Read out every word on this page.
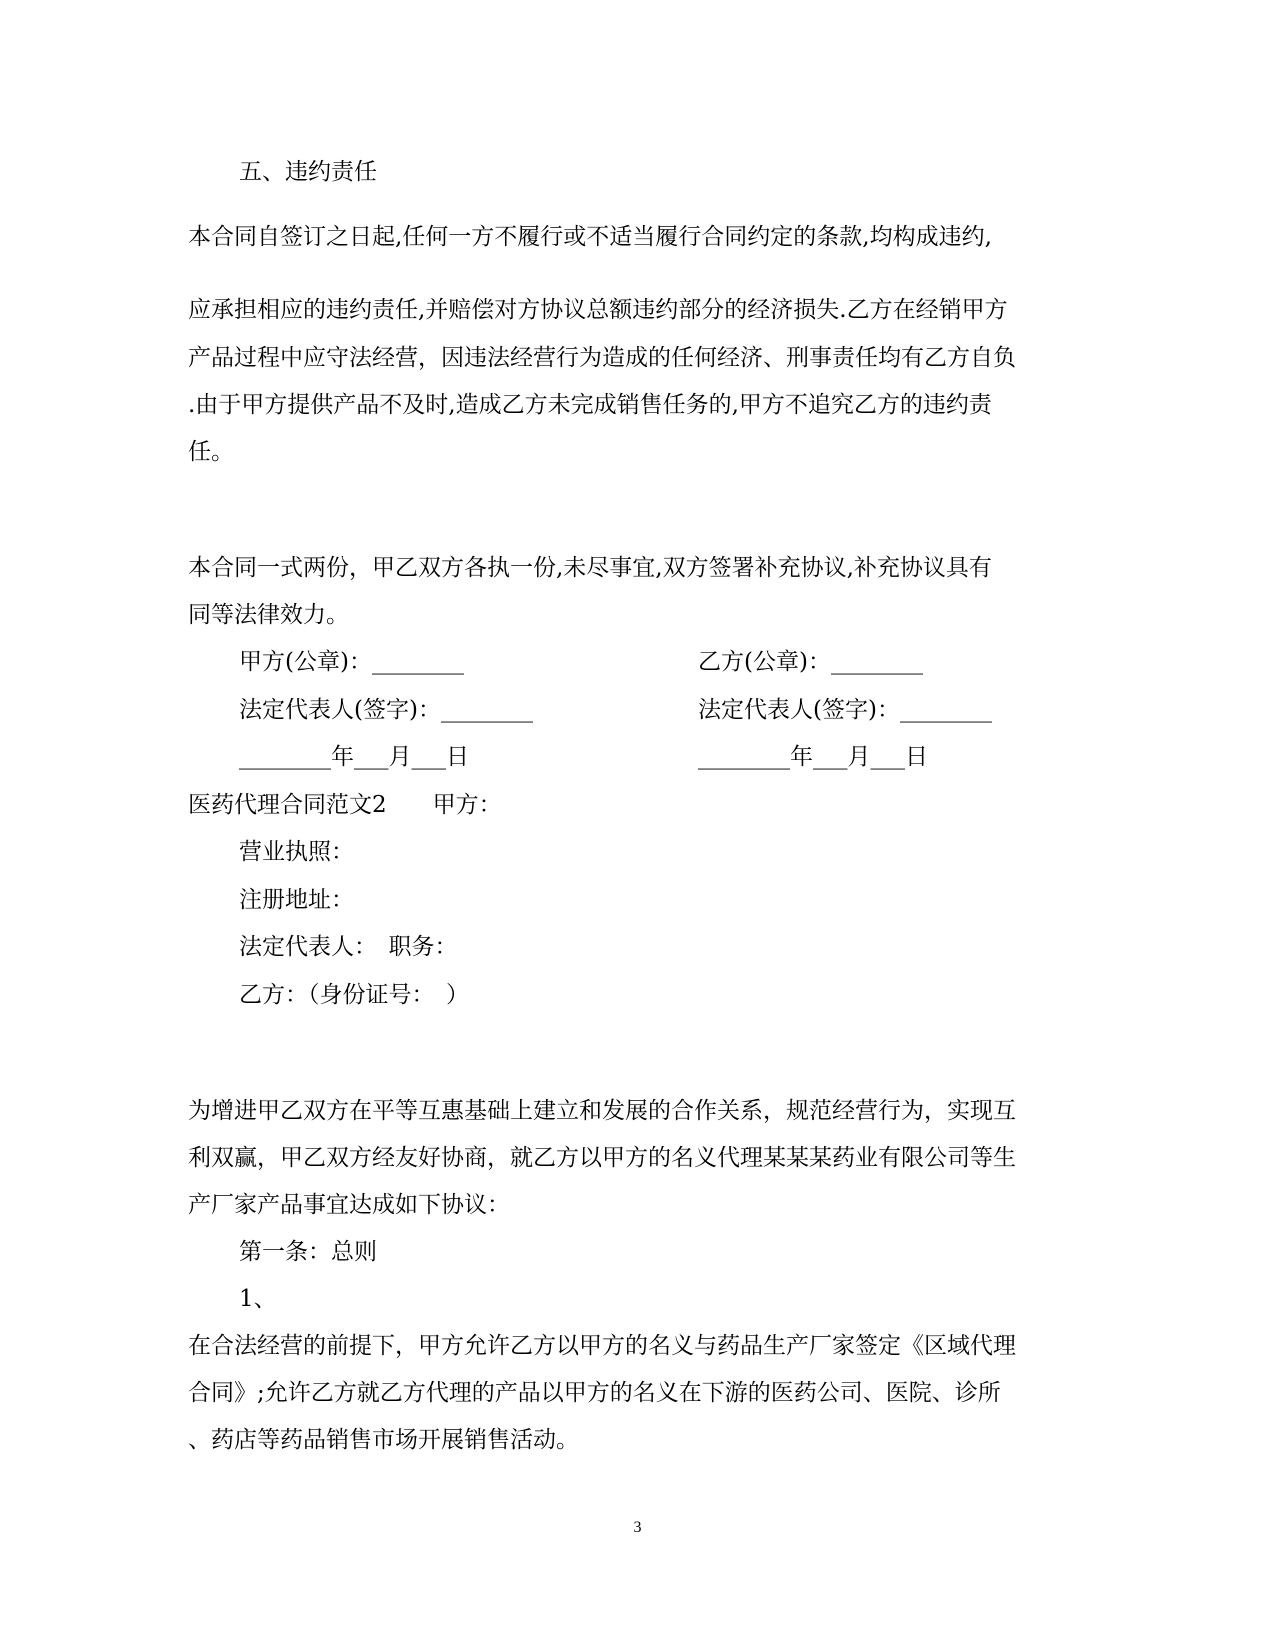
五、违约责任
本合同自签订之日起,任何一方不履行或不适当履行合同约定的条款,均构成违约,
应承担相应的违约责任,并赔偿对方协议总额违约部分的经济损失.乙方在经销甲方
产品过程中应守法经营，因违法经营行为造成的任何经济、刑事责任均有乙方自负
.由于甲方提供产品不及时,造成乙方未完成销售任务的,甲方不追究乙方的违约责
任。
本合同一式两份，甲乙双方各执一份,未尽事宜,双方签署补充协议,补充协议具有
同等法律效力。
甲方(公章)：________	乙方(公章)：________
法定代表人(签字)：________	法定代表人(签字)：________
________年___月___日	________年___月___日
医药代理合同范文2　　甲方：
营业执照：
注册地址：
法定代表人：　职务：
乙方：（身份证号：　）
为增进甲乙双方在平等互惠基础上建立和发展的合作关系，规范经营行为，实现互
利双赢，甲乙双方经友好协商，就乙方以甲方的名义代理某某某药业有限公司等生
产厂家产品事宜达成如下协议：
第一条：总则
1、
在合法经营的前提下，甲方允许乙方以甲方的名义与药品生产厂家签定《区域代理
合同》;允许乙方就乙方代理的产品以甲方的名义在下游的医药公司、医院、诊所
、药店等药品销售市场开展销售活动。
3
